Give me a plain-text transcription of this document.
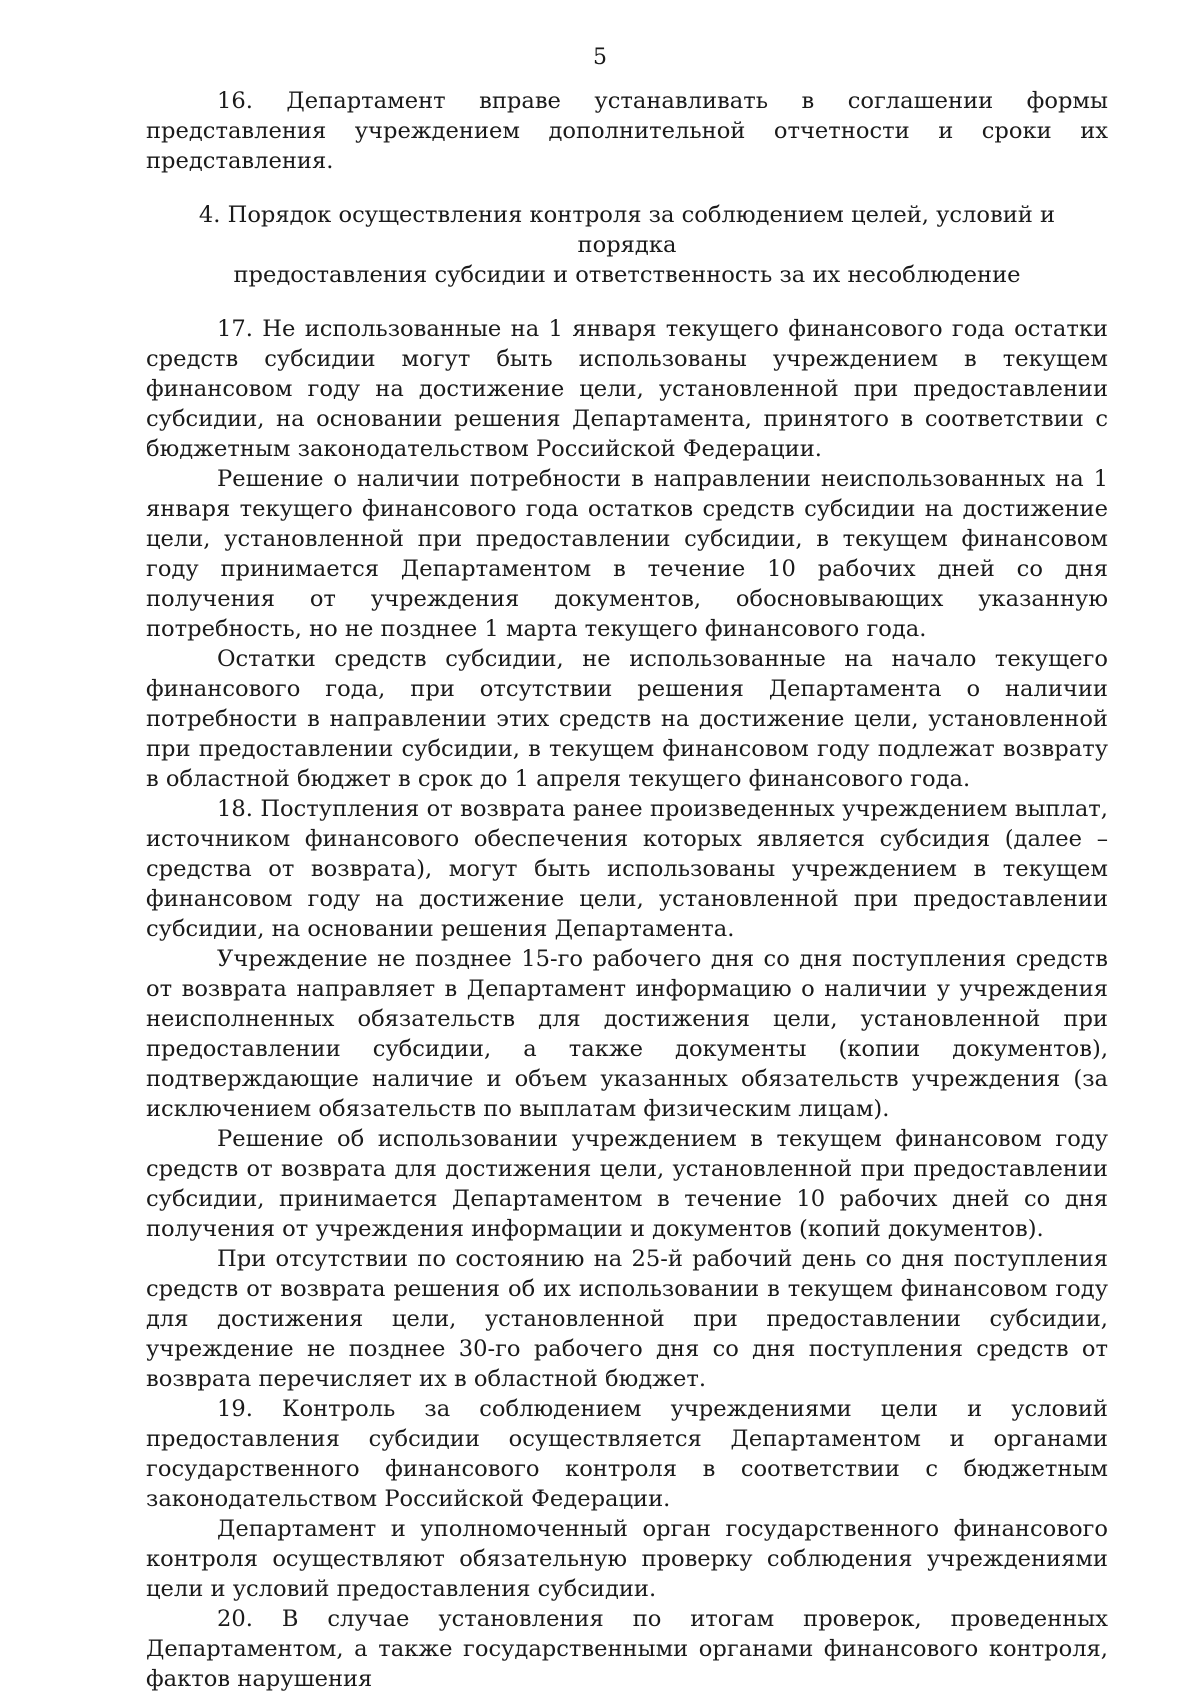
5

16. Департамент вправе устанавливать в соглашении формы представления учреждением дополнительной отчетности и сроки их представления.

4. Порядок осуществления контроля за соблюдением целей, условий и порядка
предоставления субсидии и ответственность за их несоблюдение

17. Не использованные на 1 января текущего финансового года остатки средств субсидии могут быть использованы учреждением в текущем финансовом году на достижение цели, установленной при предоставлении субсидии, на основании решения Департамента, принятого в соответствии с бюджетным законодательством Российской Федерации.

Решение о наличии потребности в направлении неиспользованных на 1 января текущего финансового года остатков средств субсидии на достижение цели, установленной при предоставлении субсидии, в текущем финансовом году принимается Департаментом в течение 10 рабочих дней со дня получения от учреждения документов, обосновывающих указанную потребность, но не позднее 1 марта текущего финансового года.

Остатки средств субсидии, не использованные на начало текущего финансового года, при отсутствии решения Департамента о наличии потребности в направлении этих средств на достижение цели, установленной при предоставлении субсидии, в текущем финансовом году подлежат возврату в областной бюджет в срок до 1 апреля текущего финансового года.

18. Поступления от возврата ранее произведенных учреждением выплат, источником финансового обеспечения которых является субсидия (далее – средства от возврата), могут быть использованы учреждением в текущем финансовом году на достижение цели, установленной при предоставлении субсидии, на основании решения Департамента.

Учреждение не позднее 15-го рабочего дня со дня поступления средств от возврата направляет в Департамент информацию о наличии у учреждения неисполненных обязательств для достижения цели, установленной при предоставлении субсидии, а также документы (копии документов), подтверждающие наличие и объем указанных обязательств учреждения (за исключением обязательств по выплатам физическим лицам).

Решение об использовании учреждением в текущем финансовом году средств от возврата для достижения цели, установленной при предоставлении субсидии, принимается Департаментом в течение 10 рабочих дней со дня получения от учреждения информации и документов (копий документов).

При отсутствии по состоянию на 25-й рабочий день со дня поступления средств от возврата решения об их использовании в текущем финансовом году для достижения цели, установленной при предоставлении субсидии, учреждение не позднее 30-го рабочего дня со дня поступления средств от возврата перечисляет их в областной бюджет.

19. Контроль за соблюдением учреждениями цели и условий предоставления субсидии осуществляется Департаментом и органами государственного финансового контроля в соответствии с бюджетным законодательством Российской Федерации.

Департамент и уполномоченный орган государственного финансового контроля осуществляют обязательную проверку соблюдения учреждениями цели и условий предоставления субсидии.

20. В случае установления по итогам проверок, проведенных Департаментом, а также государственными органами финансового контроля, фактов нарушения
